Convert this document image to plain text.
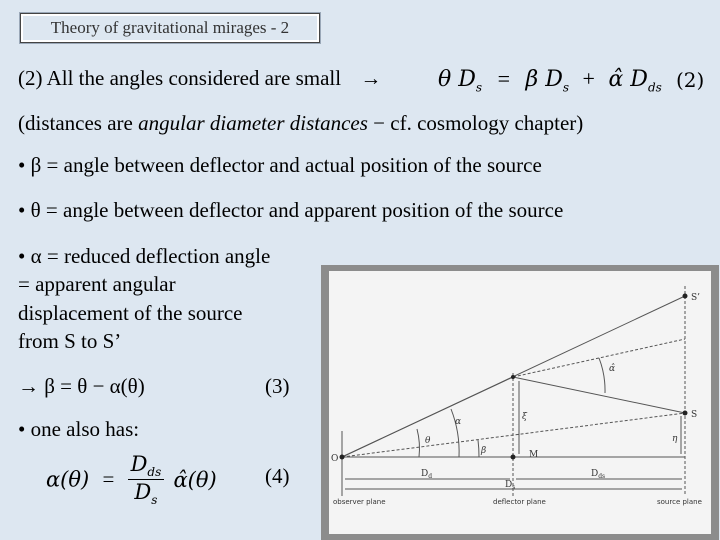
Theory of gravitational mirages - 2
(2) All the angles considered are small →	θ $D_s = \beta$ $D_s$ + α̂ $D_{ds}$ (2)
(distances are angular diameter distances − cf. cosmology chapter)
• β = angle between deflector and actual position of the source
• θ = angle between deflector and apparent position of the source
• α = reduced deflection angle
= apparent angular
displacement of the source
from S to S’
→ β = θ − α(θ)	(3)
• one also has:
$\alpha(\theta) = \frac{D_{ds}}{D_s}$ α̂(θ) (4)
S’
S
O	M
α̂
α
θ
β
ξ
η
$D_d$	$D_{ds}$
$D_s$
observer plane	deflector plane	source plane
